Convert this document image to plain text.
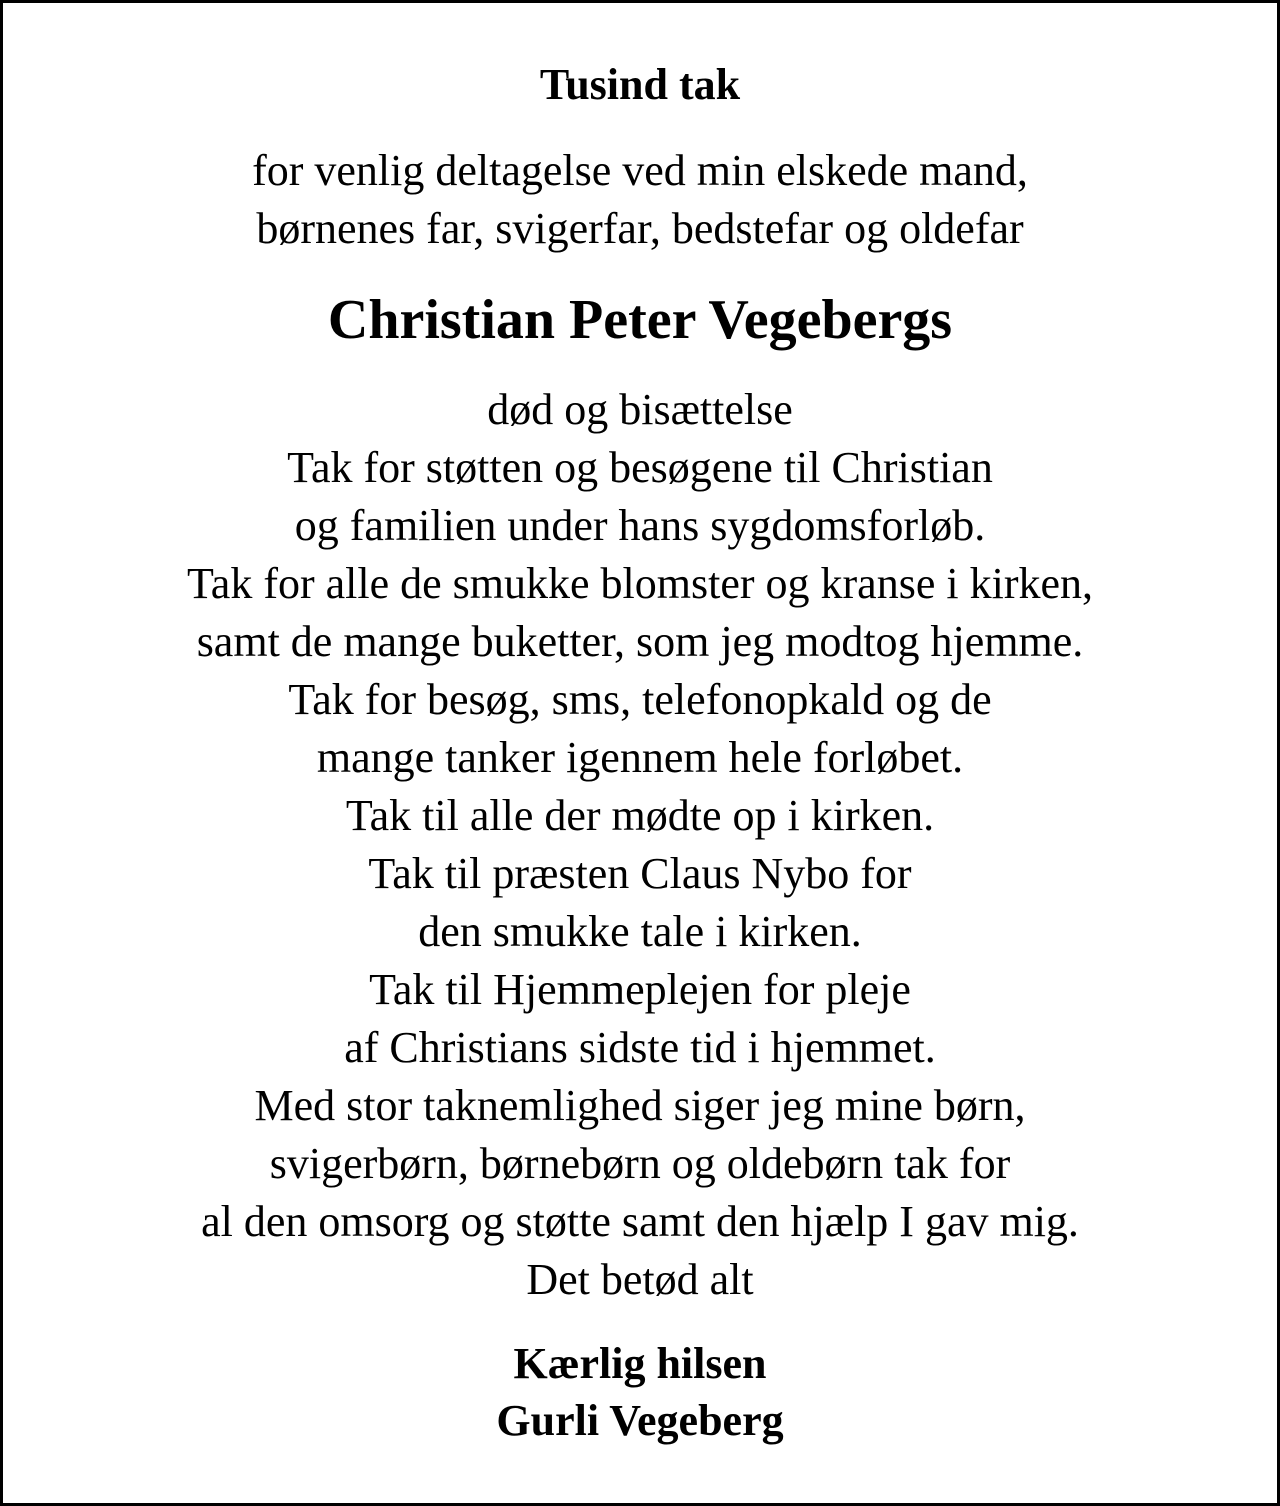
Tusind tak
for venlig deltagelse ved min elskede mand,
børnenes far, svigerfar, bedstefar og oldefar
Christian Peter Vegebergs
død og bisættelse
Tak for støtten og besøgene til Christian
og familien under hans sygdomsforløb.
Tak for alle de smukke blomster og kranse i kirken,
samt de mange buketter, som jeg modtog hjemme.
Tak for besøg, sms, telefonopkald og de
mange tanker igennem hele forløbet.
Tak til alle der mødte op i kirken.
Tak til præsten Claus Nybo for
den smukke tale i kirken.
Tak til Hjemmeplejen for pleje
af Christians sidste tid i hjemmet.
Med stor taknemlighed siger jeg mine børn,
svigerbørn, børnebørn og oldebørn tak for
al den omsorg og støtte samt den hjælp I gav mig.
Det betød alt
Kærlig hilsen
Gurli Vegeberg
